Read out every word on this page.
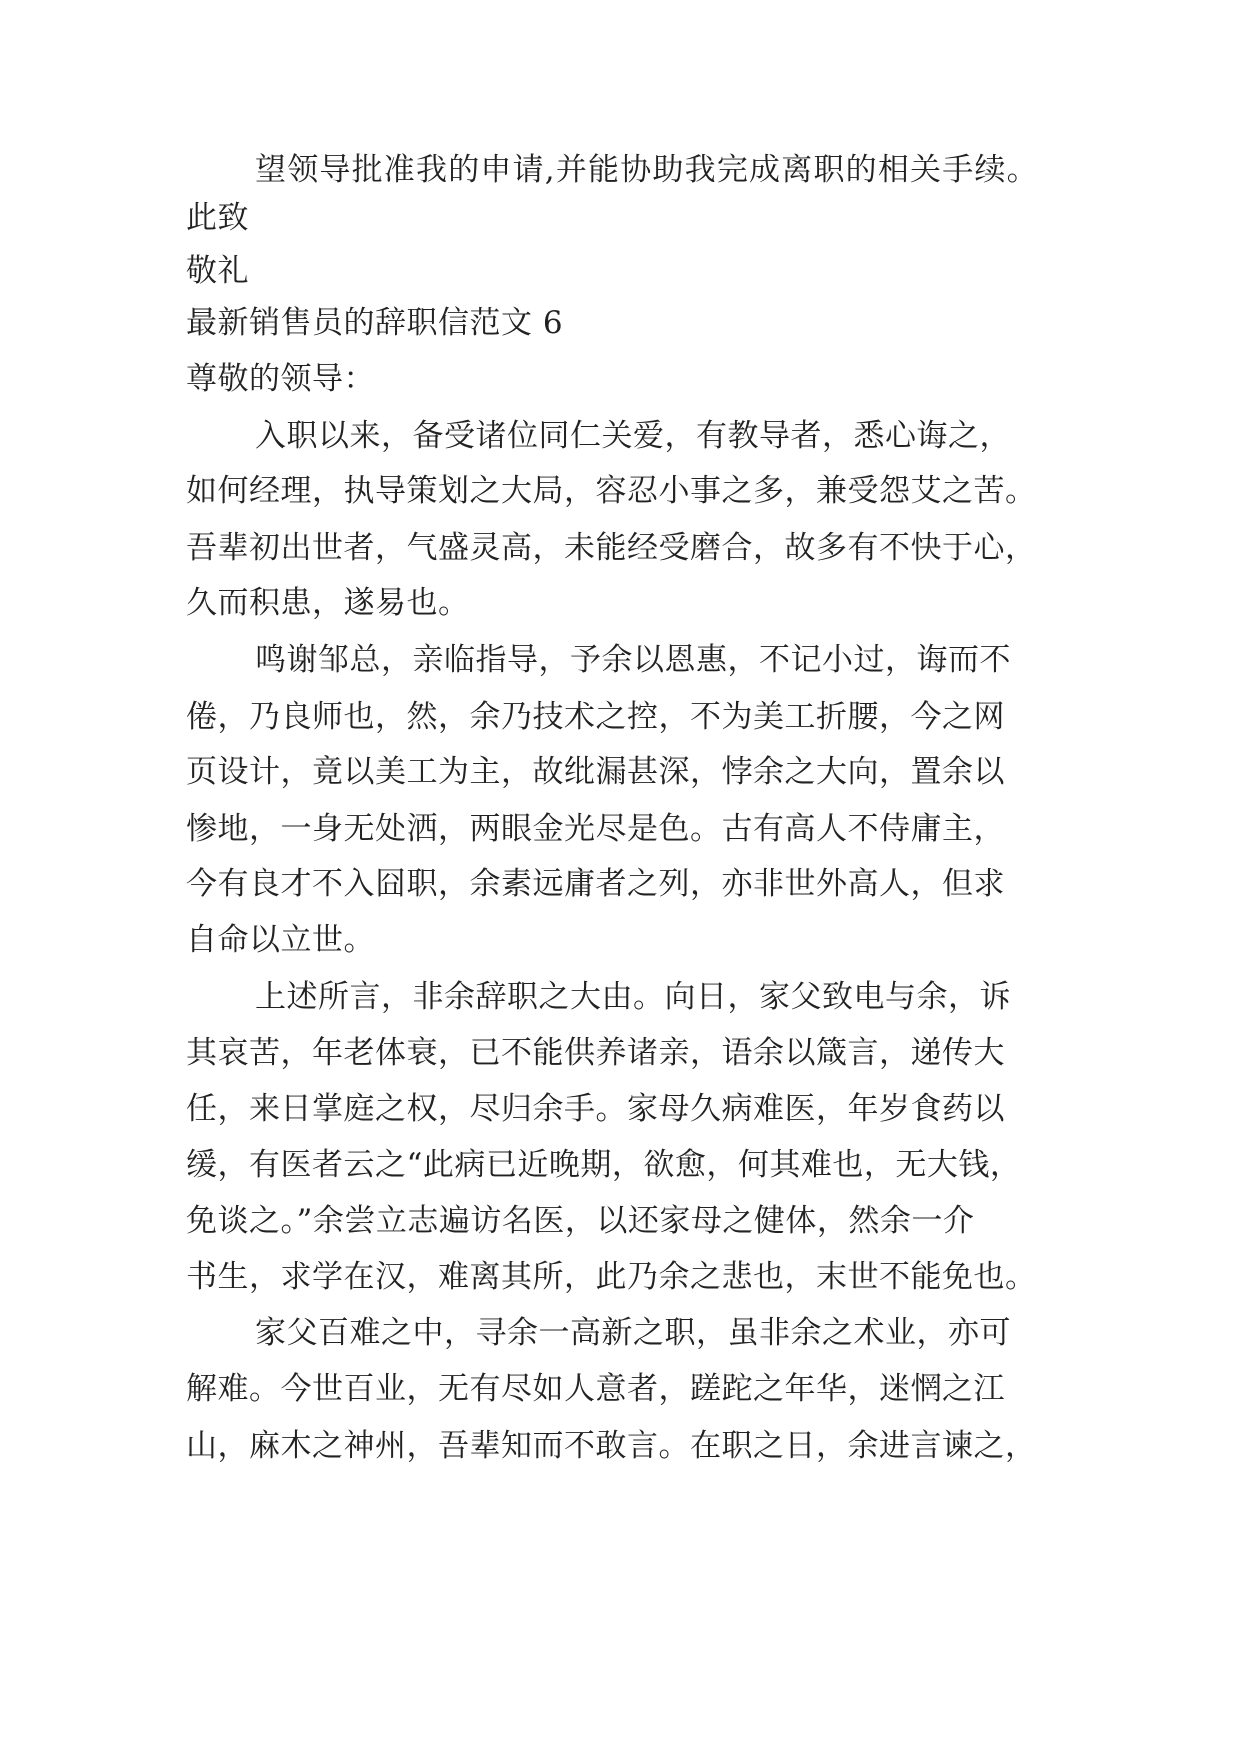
望领导批准我的申请,并能协助我完成离职的相关手续。
此致
敬礼
最新销售员的辞职信范文 6
尊敬的领导：
入职以来，备受诸位同仁关爱，有教导者，悉心诲之，
如何经理，执导策划之大局，容忍小事之多，兼受怨艾之苦。
吾辈初出世者，气盛灵高，未能经受磨合，故多有不快于心，
久而积患，遂易也。
鸣谢邹总，亲临指导，予余以恩惠，不记小过，诲而不
倦，乃良师也，然，余乃技术之控，不为美工折腰，今之网
页设计，竟以美工为主，故纰漏甚深，悖余之大向，置余以
惨地，一身无处洒，两眼金光尽是色。古有高人不侍庸主，
今有良才不入囧职，余素远庸者之列，亦非世外高人，但求
自命以立世。
上述所言，非余辞职之大由。向日，家父致电与余，诉
其哀苦，年老体衰，已不能供养诸亲，语余以箴言，递传大
任，来日掌庭之权，尽归余手。家母久病难医，年岁食药以
缓，有医者云之“此病已近晚期，欲愈，何其难也，无大钱，
免谈之。”余尝立志遍访名医，以还家母之健体，然余一介
书生，求学在汉，难离其所，此乃余之悲也，末世不能免也。
家父百难之中，寻余一高新之职，虽非余之术业，亦可
解难。今世百业，无有尽如人意者，蹉跎之年华，迷惘之江
山，麻木之神州，吾辈知而不敢言。在职之日，余进言谏之，
